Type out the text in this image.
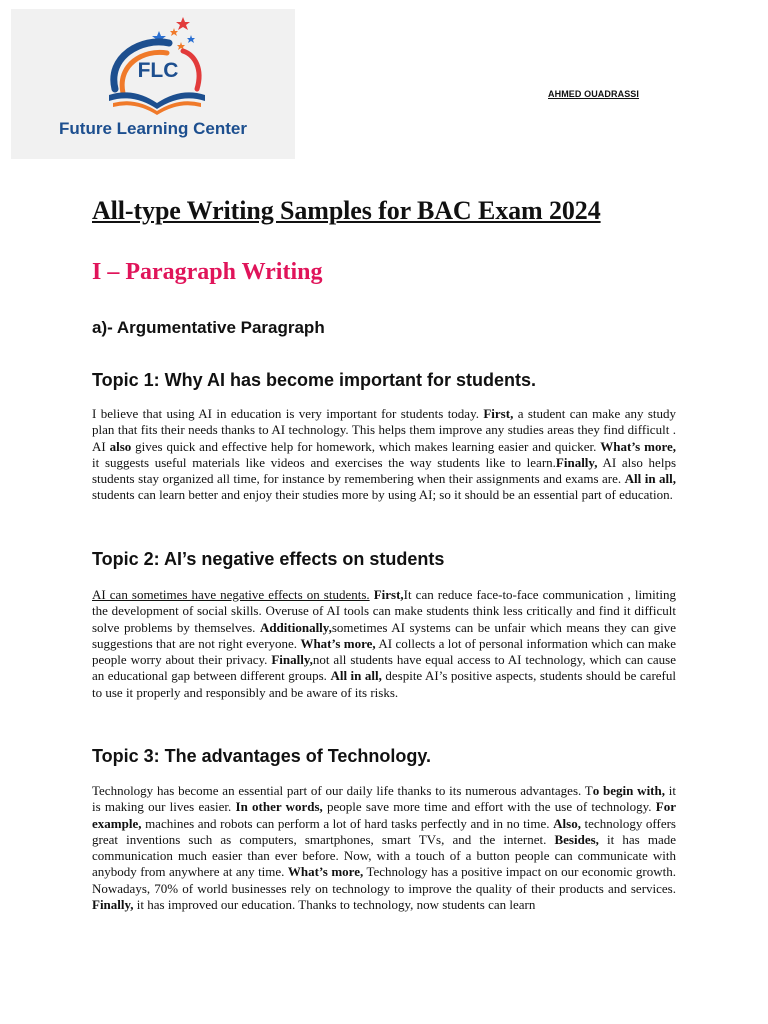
FLC
Future Learning Center
AHMED OUADRASSI
All-type Writing Samples for BAC Exam 2024
I – Paragraph Writing
a)- Argumentative Paragraph
Topic 1: Why AI has become important for students.

I believe that using AI in education is very important for students today. First, a student can make any study plan that fits their needs thanks to AI technology. This helps them improve any studies areas they find difficult . AI also gives quick and effective help for homework, which makes learning easier and quicker. What’s more, it suggests useful materials like videos and exercises the way students like to learn.Finally, AI also helps students stay organized all time, for instance by remembering when their assignments and exams are. All in all, students can learn better and enjoy their studies more by using AI; so it should be an essential part of education.

Topic 2: AI’s negative effects on students

AI can sometimes have negative effects on students. First,It can reduce face-to-face communication , limiting the development of social skills. Overuse of AI tools can make students think less critically and find it difficult solve problems by themselves. Additionally,sometimes AI systems can be unfair which means they can give suggestions that are not right everyone. What’s more, AI collects a lot of personal information which can make people worry about their privacy. Finally,not all students have equal access to AI technology, which can cause an educational gap between different groups. All in all, despite AI’s positive aspects, students should be careful to use it properly and responsibly and be aware of its risks.

Topic 3: The advantages of Technology.

Technology has become an essential part of our daily life thanks to its numerous advantages. To begin with, it is making our lives easier. In other words, people save more time and effort with the use of technology. For example, machines and robots can perform a lot of hard tasks perfectly and in no time. Also, technology offers great inventions such as computers, smartphones, smart TVs, and the internet. Besides, it has made communication much easier than ever before. Now, with a touch of a button people can communicate with anybody from anywhere at any time. What’s more, Technology has a positive impact on our economic growth. Nowadays, 70% of world businesses rely on technology to improve the quality of their products and services. Finally, it has improved our education. Thanks to technology, now students can learn
